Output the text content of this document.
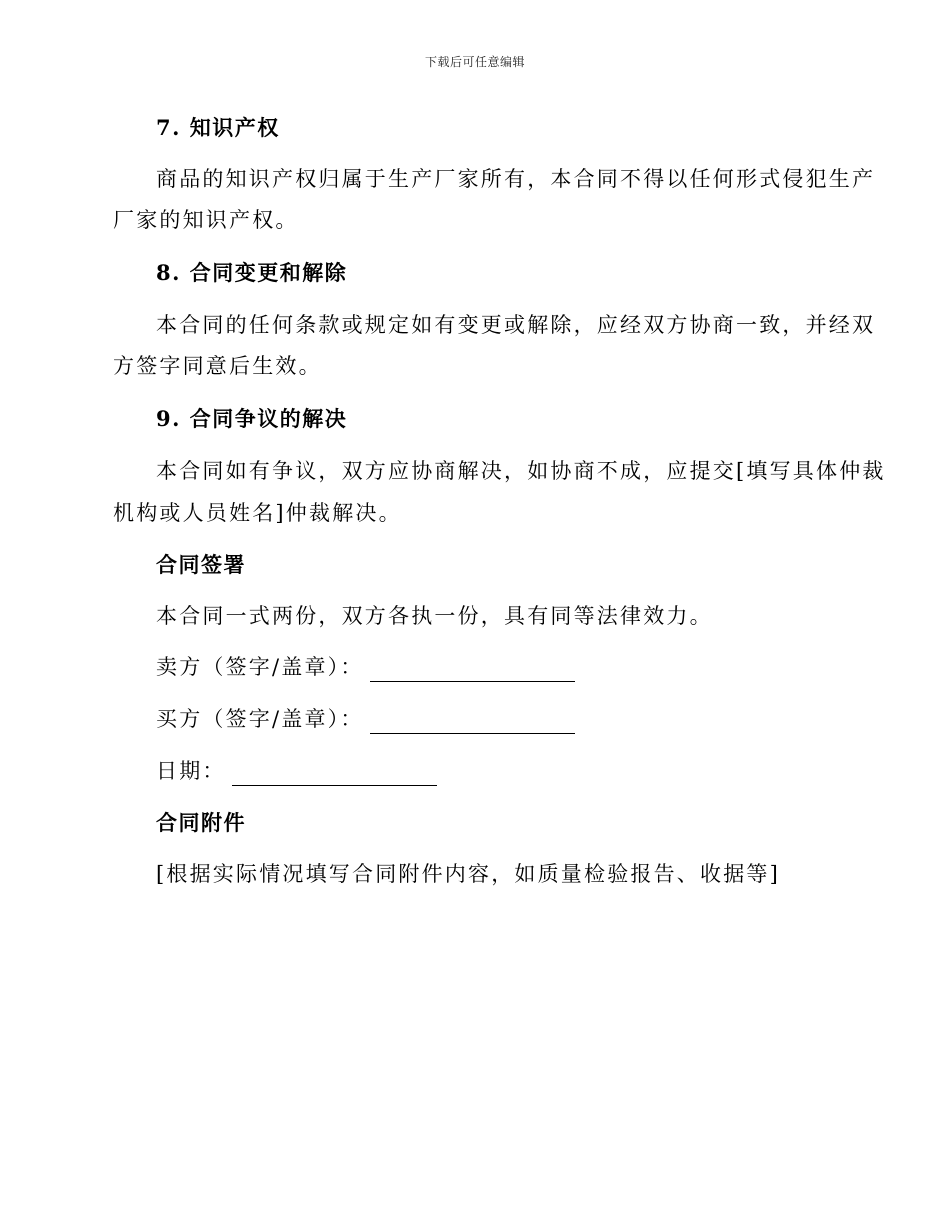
下载后可任意编辑
7. 知识产权
商品的知识产权归属于生产厂家所有，本合同不得以任何形式侵犯生产
厂家的知识产权。
8. 合同变更和解除
本合同的任何条款或规定如有变更或解除，应经双方协商一致，并经双
方签字同意后生效。
9. 合同争议的解决
本合同如有争议，双方应协商解决，如协商不成，应提交[填写具体仲裁
机构或人员姓名]仲裁解决。
合同签署
本合同一式两份，双方各执一份，具有同等法律效力。
卖方（签字/盖章）：
买方（签字/盖章）：
日期：
合同附件
[根据实际情况填写合同附件内容，如质量检验报告、收据等]
